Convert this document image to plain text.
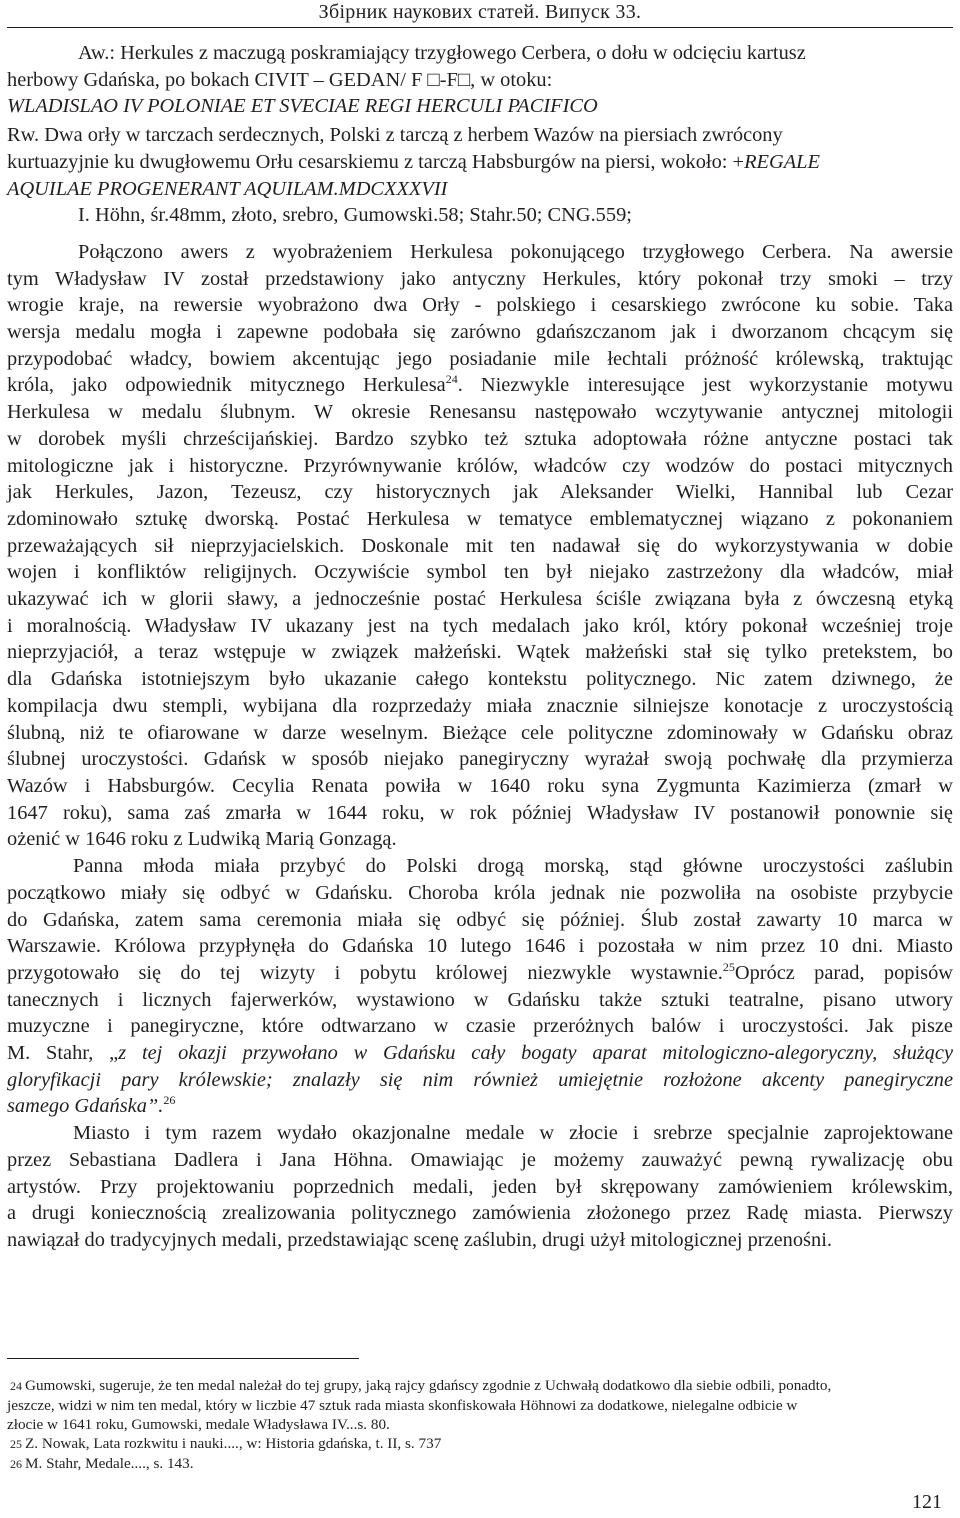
Збірник наукових статей. Випуск 33.
Aw.: Herkules z maczugą poskramiający trzygłowego Cerbera, o dołu w odcięciu kartusz
herbowy Gdańska, po bokach CIVIT – GEDAN/ F □-F□, w otoku:
WLADISLAO IV POLONIAE ET SVECIAE REGI HERCULI PACIFICO
Rw. Dwa orły w tarczach serdecznych, Polski z tarczą z herbem Wazów na piersiach zwrócony
kurtuazyjnie ku dwugłowemu Orłu cesarskiemu z tarczą Habsburgów na piersi, wokoło: +REGALE
AQUILAE PROGENERANT AQUILAM.MDCXXXVII
I. Höhn, śr.48mm, złoto, srebro, Gumowski.58; Stahr.50; CNG.559;
Połączono awers z wyobrażeniem Herkulesa pokonującego trzygłowego Cerbera. Na awersie
tym Władysław IV został przedstawiony jako antyczny Herkules, który pokonał trzy smoki – trzy
wrogie kraje, na rewersie wyobrażono dwa Orły - polskiego i cesarskiego zwrócone ku sobie. Taka
wersja medalu mogła i zapewne podobała się zarówno gdańszczanom jak i dworzanom chcącym się
przypodobać władcy, bowiem akcentując jego posiadanie mile łechtali próżność królewską, traktując
króla, jako odpowiednik mitycznego Herkulesa$^{24}$. Niezwykle interesujące jest wykorzystanie motywu
Herkulesa w medalu ślubnym. W okresie Renesansu następowało wczytywanie antycznej mitologii
w dorobek myśli chrześcijańskiej. Bardzo szybko też sztuka adoptowała różne antyczne postaci tak
mitologiczne jak i historyczne. Przyrównywanie królów, władców czy wodzów do postaci mitycznych
jak Herkules, Jazon, Tezeusz, czy historycznych jak Aleksander Wielki, Hannibal lub Cezar
zdominowało sztukę dworską. Postać Herkulesa w tematyce emblematycznej wiązano z pokonaniem
przeważających sił nieprzyjacielskich. Doskonale mit ten nadawał się do wykorzystywania w dobie
wojen i konfliktów religijnych. Oczywiście symbol ten był niejako zastrzeżony dla władców, miał
ukazywać ich w glorii sławy, a jednocześnie postać Herkulesa ściśle związana była z ówczesną etyką
i moralnością. Władysław IV ukazany jest na tych medalach jako król, który pokonał wcześniej troje
nieprzyjaciół, a teraz wstępuje w związek małżeński. Wątek małżeński stał się tylko pretekstem, bo
dla Gdańska istotniejszym było ukazanie całego kontekstu politycznego. Nic zatem dziwnego, że
kompilacja dwu stempli, wybijana dla rozprzedaży miała znacznie silniejsze konotacje z uroczystością
ślubną, niż te ofiarowane w darze weselnym. Bieżące cele polityczne zdominowały w Gdańsku obraz
ślubnej uroczystości. Gdańsk w sposób niejako panegiryczny wyrażał swoją pochwałę dla przymierza
Wazów i Habsburgów. Cecylia Renata powiła w 1640 roku syna Zygmunta Kazimierza (zmarł w
1647 roku), sama zaś zmarła w 1644 roku, w rok później Władysław IV postanowił ponownie się
ożenić w 1646 roku z Ludwiką Marią Gonzagą.
Panna młoda miała przybyć do Polski drogą morską, stąd główne uroczystości zaślubin
początkowo miały się odbyć w Gdańsku. Choroba króla jednak nie pozwoliła na osobiste przybycie
do Gdańska, zatem sama ceremonia miała się odbyć się później. Ślub został zawarty 10 marca w
Warszawie. Królowa przypłynęła do Gdańska 10 lutego 1646 i pozostała w nim przez 10 dni. Miasto
przygotowało się do tej wizyty i pobytu królowej niezwykle wystawnie.$^{25}$Oprócz parad, popisów
tanecznych i licznych fajerwerków, wystawiono w Gdańsku także sztuki teatralne, pisano utwory
muzyczne i panegiryczne, które odtwarzano w czasie przeróżnych balów i uroczystości. Jak pisze
M. Stahr, „z tej okazji przywołano w Gdańsku cały bogaty aparat mitologiczno-alegoryczny, służący
gloryfikacji pary królewskie; znalazły się nim również umiejętnie rozłożone akcenty panegiryczne
samego Gdańska”.$^{26}$
Miasto i tym razem wydało okazjonalne medale w złocie i srebrze specjalnie zaprojektowane
przez Sebastiana Dadlera i Jana Höhna. Omawiając je możemy zauważyć pewną rywalizację obu
artystów. Przy projektowaniu poprzednich medali, jeden był skrępowany zamówieniem królewskim,
a drugi koniecznością zrealizowania politycznego zamówienia złożonego przez Radę miasta. Pierwszy
nawiązał do tradycyjnych medali, przedstawiając scenę zaślubin, drugi użył mitologicznej przenośni.
24 Gumowski, sugeruje, że ten medal należał do tej grupy, jaką rajcy gdańscy zgodnie z Uchwałą dodatkowo dla siebie odbili, ponadto,
jeszcze, widzi w nim ten medal, który w liczbie 47 sztuk rada miasta skonfiskowała Höhnowi za dodatkowe, nielegalne odbicie w
złocie w 1641 roku, Gumowski, medale Władysława IV...s. 80.
25 Z. Nowak, Lata rozkwitu i nauki...., w: Historia gdańska, t. II, s. 737
26 M. Stahr, Medale...., s. 143.
121
